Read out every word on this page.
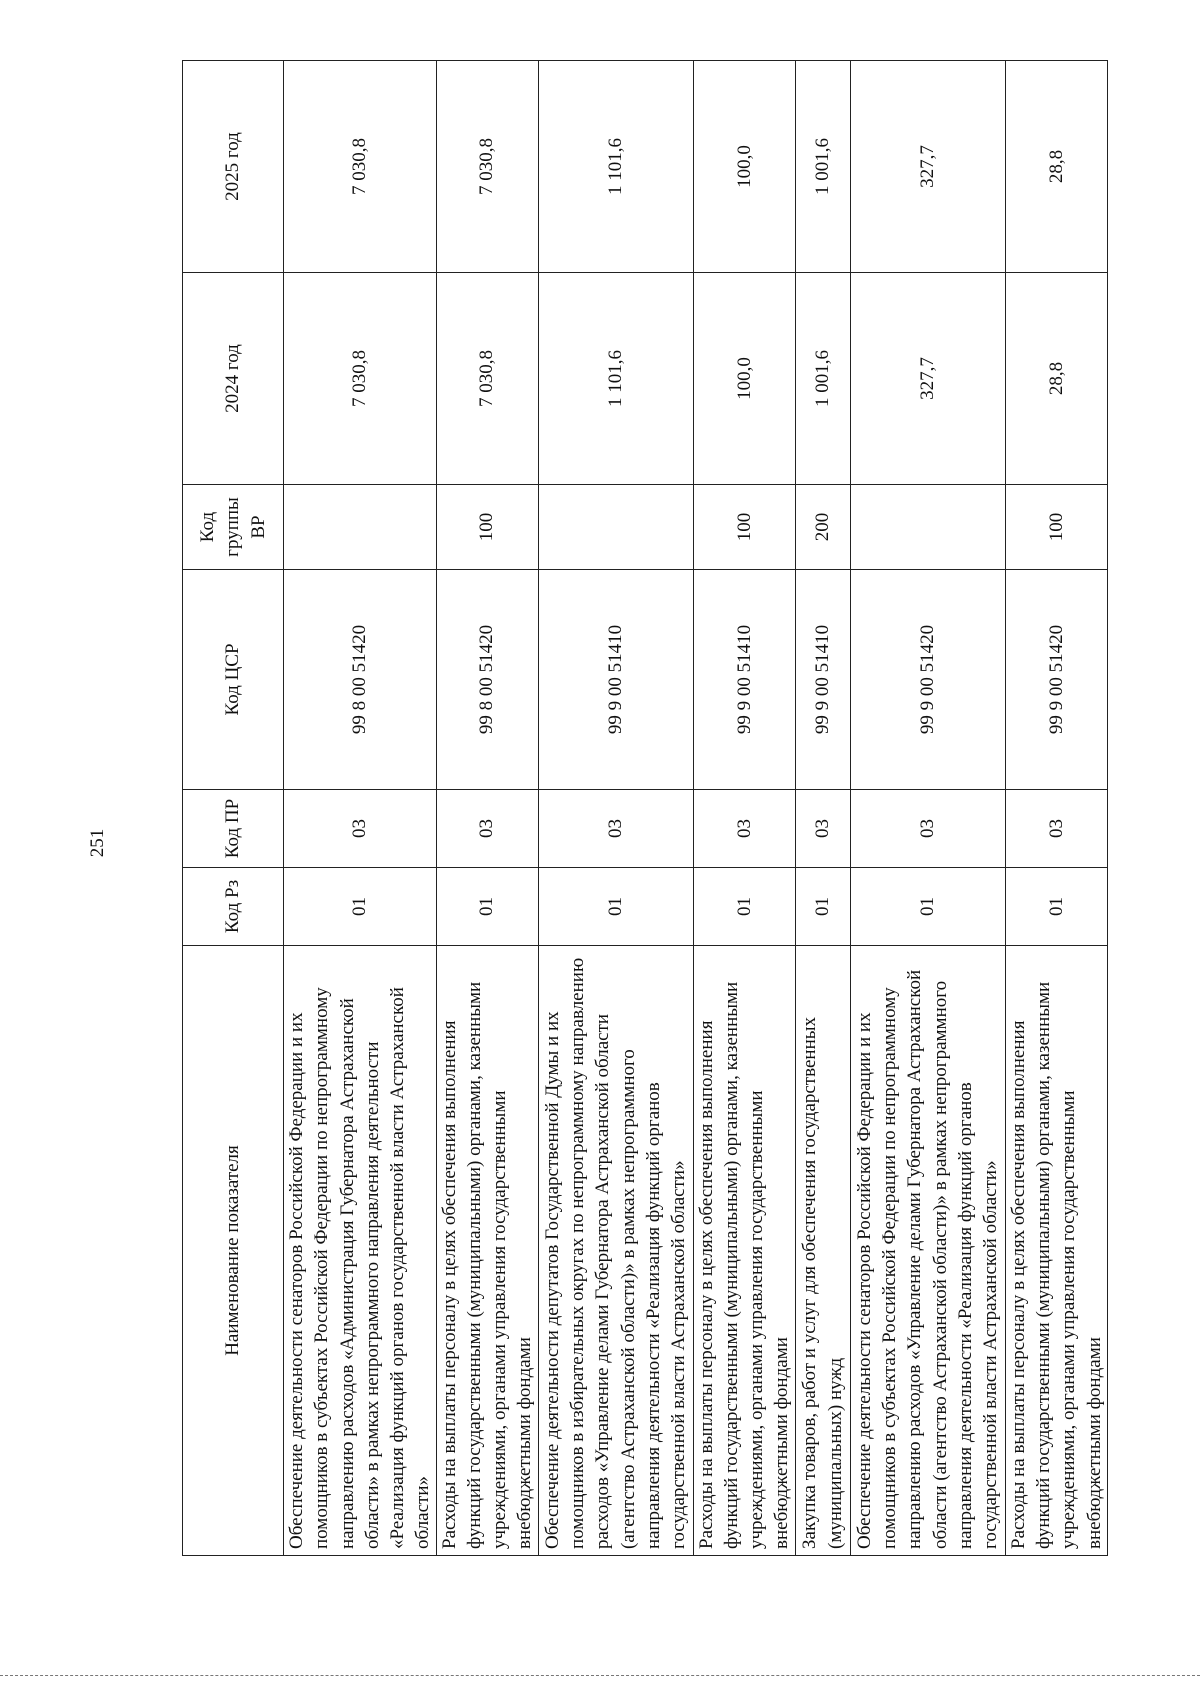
251
Наименование показателя	Код Рз	Код ПР	Код ЦСР	Код группы ВР	2024 год	2025 год
Обеспечение деятельности сенаторов Российской Федерации и их помощников в субъектах Российской Федерации по непрограммному направлению расходов «Администрация Губернатора Астраханской области» в рамках непрограммного направления деятельности «Реализация функций органов государственной власти Астраханской области»	01	03	99 8 00 51420		7 030,8	7 030,8
Расходы на выплаты персоналу в целях обеспечения выполнения функций государственными (муниципальными) органами, казенными учреждениями, органами управления государственными внебюджетными фондами	01	03	99 8 00 51420	100	7 030,8	7 030,8
Обеспечение деятельности депутатов Государственной Думы и их помощников в избирательных округах по непрограммному направлению расходов «Управление делами Губернатора Астраханской области (агентство Астраханской области)» в рамках непрограммного направления деятельности «Реализация функций органов государственной власти Астраханской области»	01	03	99 9 00 51410		1 101,6	1 101,6
Расходы на выплаты персоналу в целях обеспечения выполнения функций государственными (муниципальными) органами, казенными учреждениями, органами управления государственными внебюджетными фондами	01	03	99 9 00 51410	100	100,0	100,0
Закупка товаров, работ и услуг для обеспечения государственных (муниципальных) нужд	01	03	99 9 00 51410	200	1 001,6	1 001,6
Обеспечение деятельности сенаторов Российской Федерации и их помощников в субъектах Российской Федерации по непрограммному направлению расходов «Управление делами Губернатора Астраханской области (агентство Астраханской области)» в рамках непрограммного направления деятельности «Реализация функций органов государственной власти Астраханской области»	01	03	99 9 00 51420		327,7	327,7
Расходы на выплаты персоналу в целях обеспечения выполнения функций государственными (муниципальными) органами, казенными учреждениями, органами управления государственными внебюджетными фондами	01	03	99 9 00 51420	100	28,8	28,8
